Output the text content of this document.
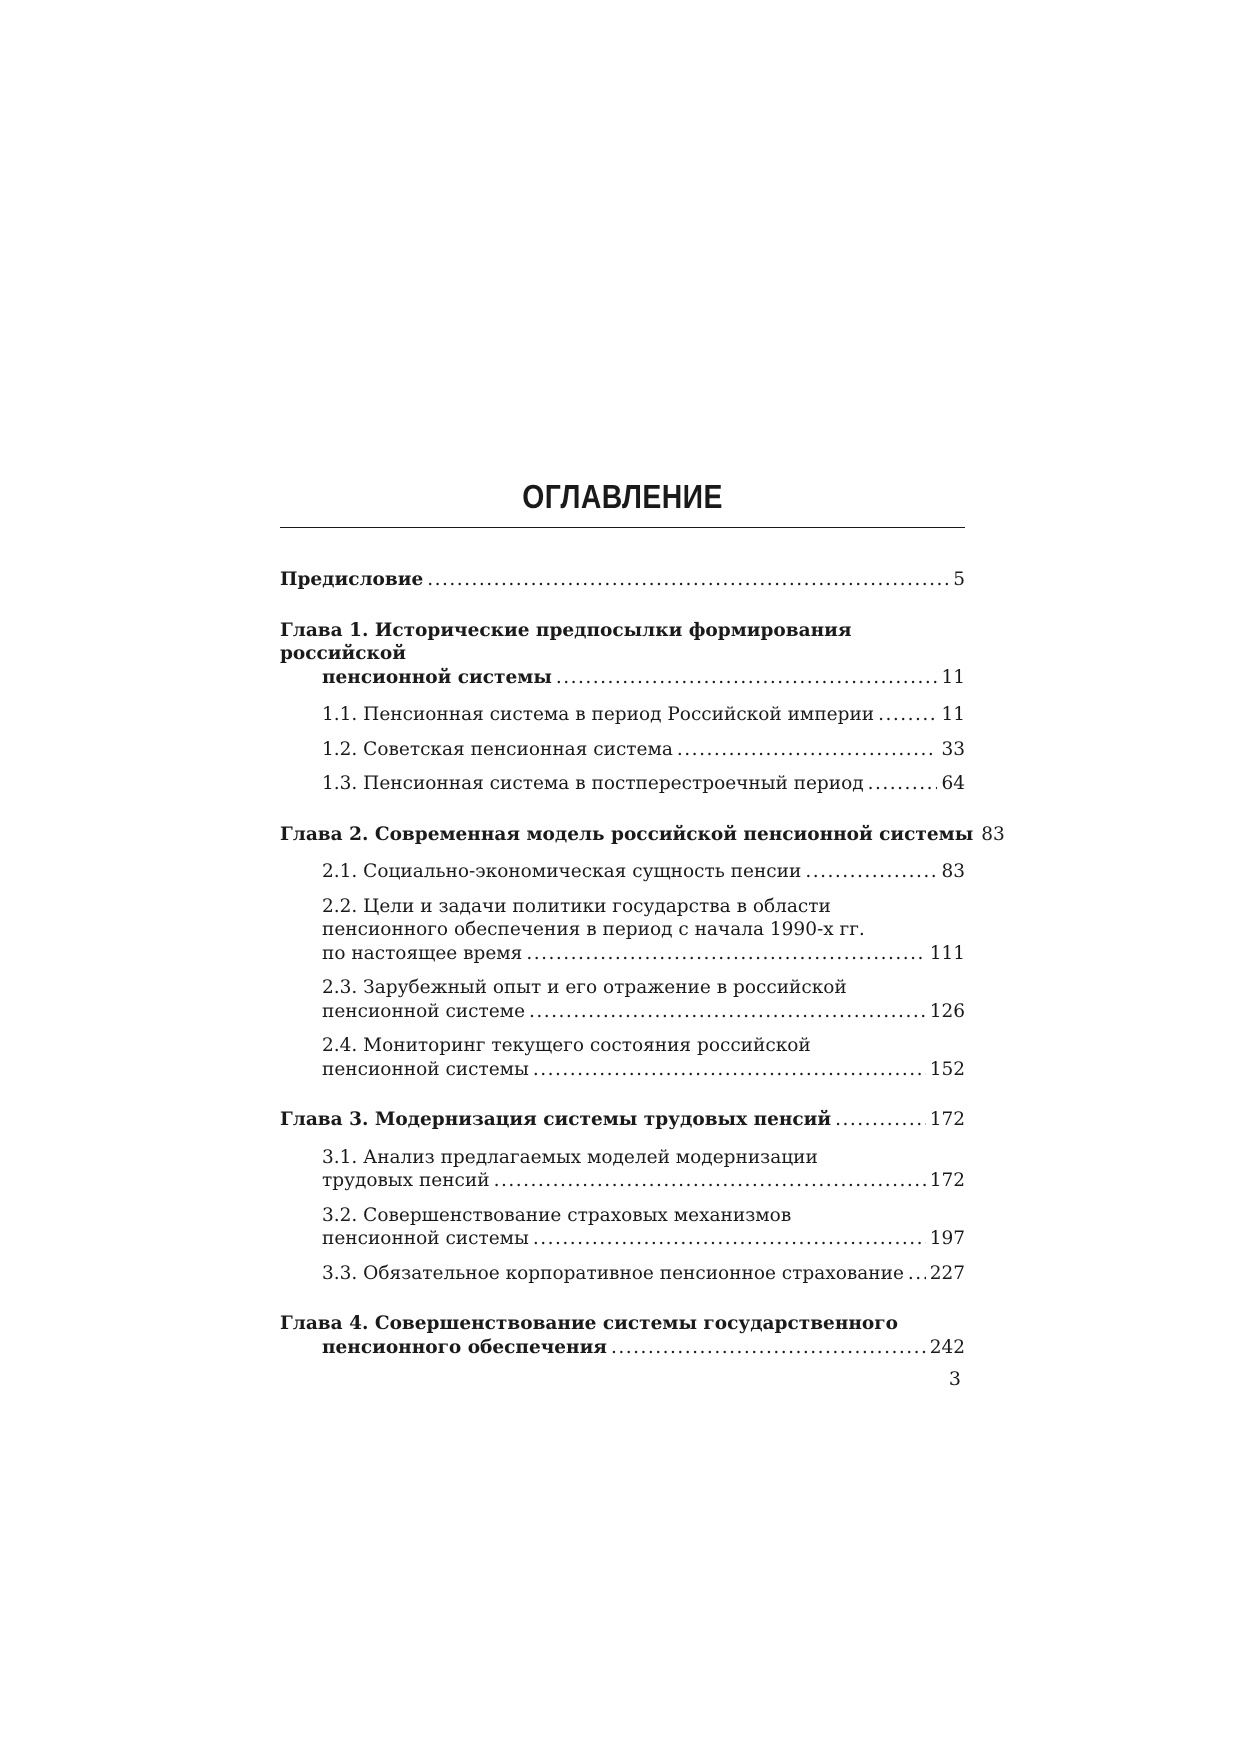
ОГЛАВЛЕНИЕ
Предисловие .....	5
Глава 1. Исторические предпосылки формирования российской
пенсионной системы .....	11
1.1. Пенсионная система в период Российской империи .....	11
1.2. Советская пенсионная система .....	33
1.3. Пенсионная система в постперестроечный период .....	64
Глава 2. Современная модель российской пенсионной системы 83
2.1. Социально-экономическая сущность пенсии .....	83
2.2. Цели и задачи политики государства в области
пенсионного обеспечения в период с начала 1990-х гг.
по настоящее время .....	111
2.3. Зарубежный опыт и его отражение в российской
пенсионной системе .....	126
2.4. Мониторинг текущего состояния российской
пенсионной системы .....	152
Глава 3. Модернизация системы трудовых пенсий .....	172
3.1. Анализ предлагаемых моделей модернизации
трудовых пенсий .....	172
3.2. Совершенствование страховых механизмов
пенсионной системы .....	197
3.3. Обязательное корпоративное пенсионное страхование ..... 227
Глава 4. Совершенствование системы государственного
пенсионного обеспечения .....	242
3
